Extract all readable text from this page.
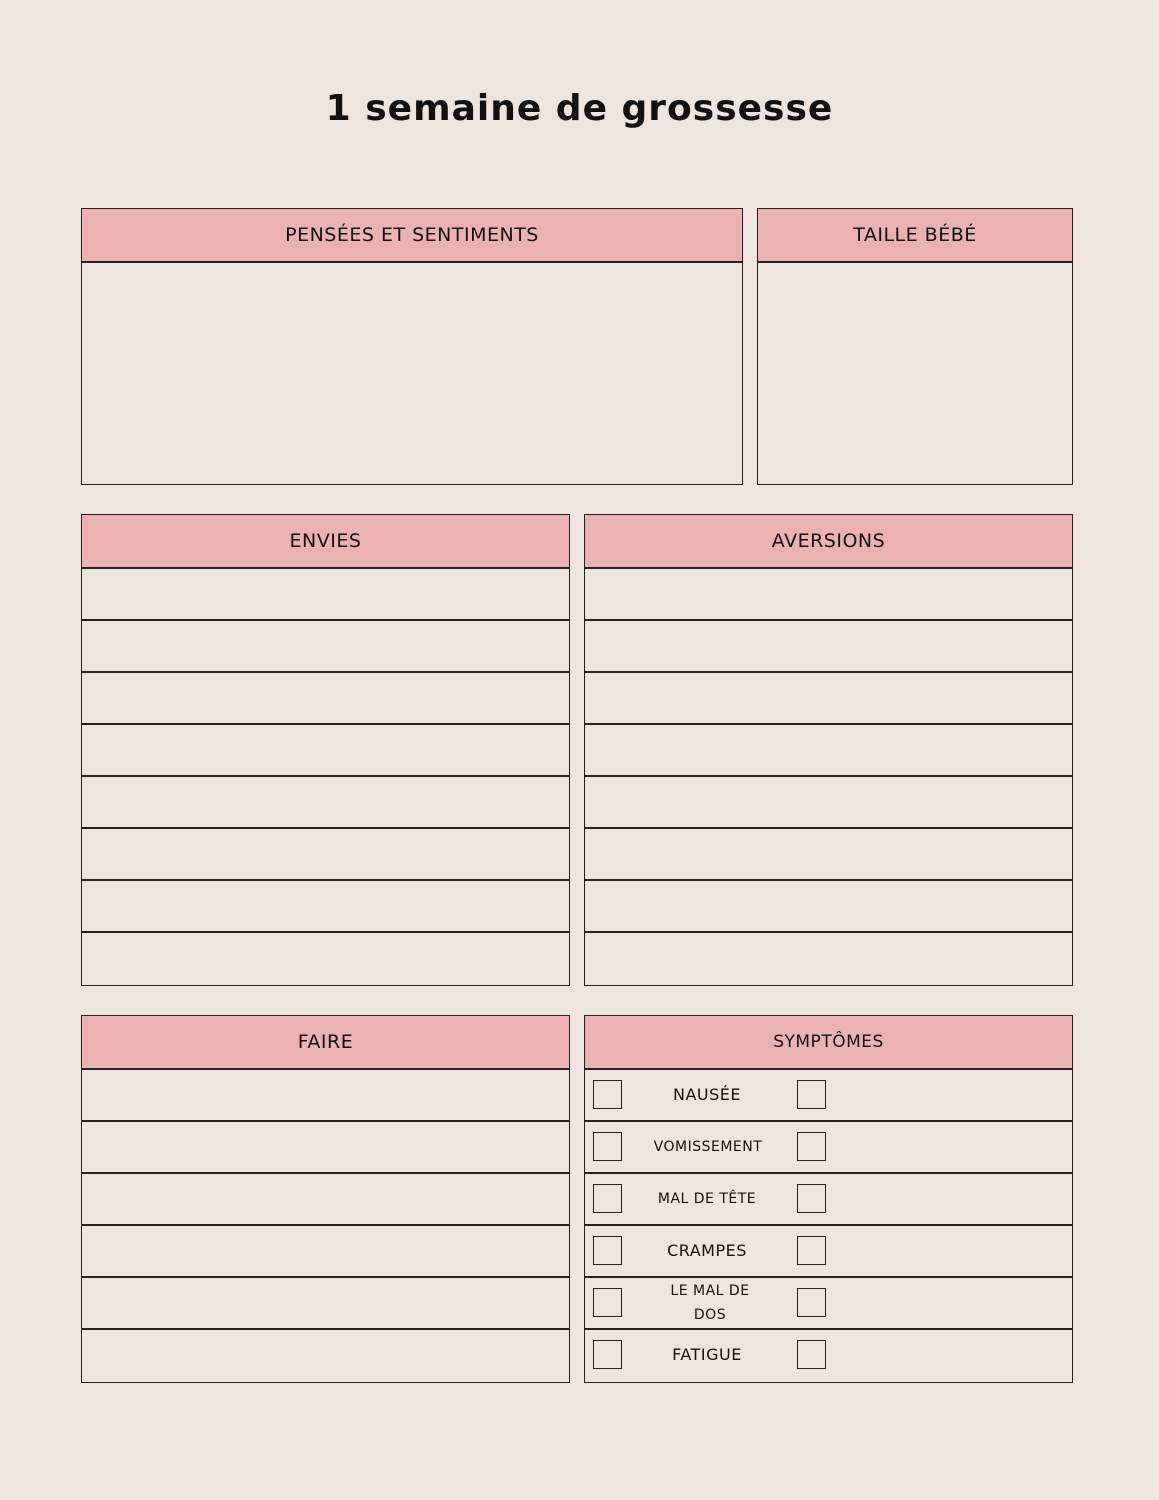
1 semaine de grossesse
PENSÉES ET SENTIMENTS	TAILLE BÉBÉ
ENVIES	AVERSIONS
FAIRE	SYMPTÔMES
NAUSÉE
VOMISSEMENT
MAL DE TÊTE
CRAMPES
LE MAL DE DOS
FATIGUE
